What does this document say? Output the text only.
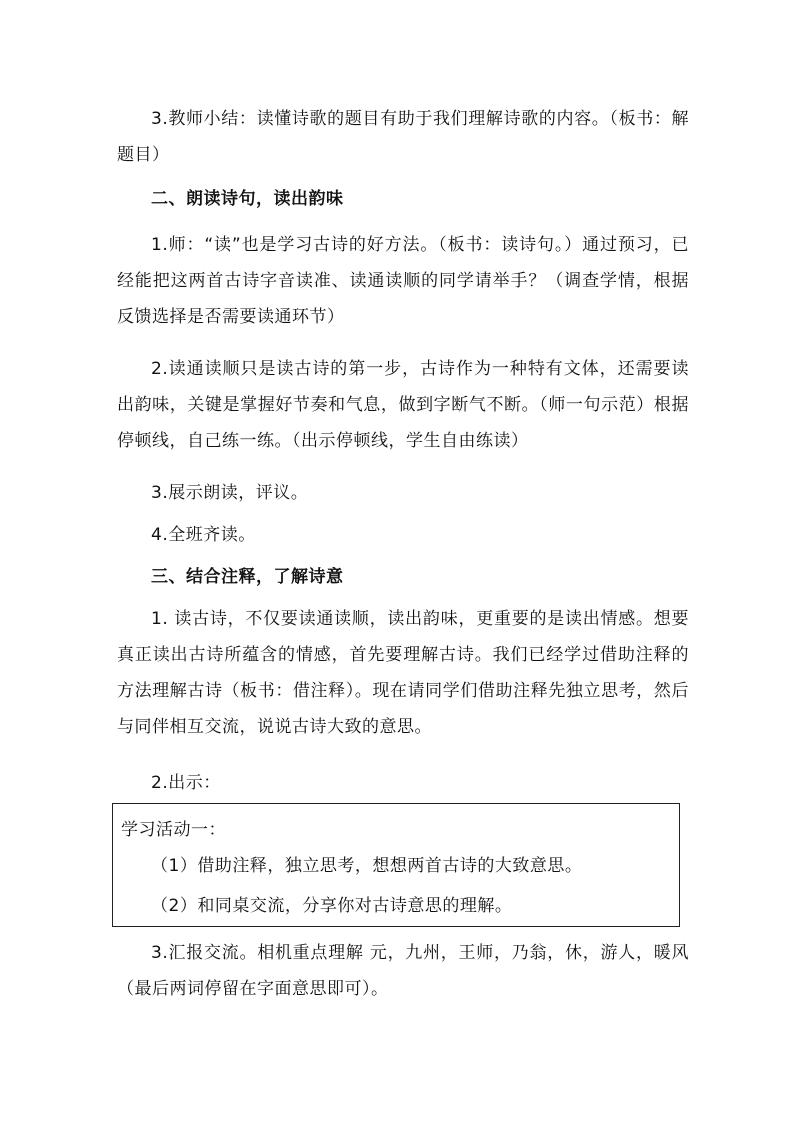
3.教师小结：读懂诗歌的题目有助于我们理解诗歌的内容。（板书：解题目）

二、朗读诗句，读出韵味

1.师：“读”也是学习古诗的好方法。（板书：读诗句。）通过预习，已经能把这两首古诗字音读准、读通读顺的同学请举手？（调查学情，根据反馈选择是否需要读通环节）

2.读通读顺只是读古诗的第一步，古诗作为一种特有文体，还需要读出韵味，关键是掌握好节奏和气息，做到字断气不断。（师一句示范）根据停顿线，自己练一练。（出示停顿线，学生自由练读）

3.展示朗读，评议。

4.全班齐读。

三、结合注释，了解诗意

1. 读古诗，不仅要读通读顺，读出韵味，更重要的是读出情感。想要真正读出古诗所蕴含的情感，首先要理解古诗。我们已经学过借助注释的方法理解古诗（板书：借注释）。现在请同学们借助注释先独立思考，然后与同伴相互交流，说说古诗大致的意思。

2.出示：

学习活动一：

（1）借助注释，独立思考，想想两首古诗的大致意思。

（2）和同桌交流，分享你对古诗意思的理解。

3.汇报交流。相机重点理解 元，九州，王师，乃翁，休，游人，暖风（最后两词停留在字面意思即可）。
